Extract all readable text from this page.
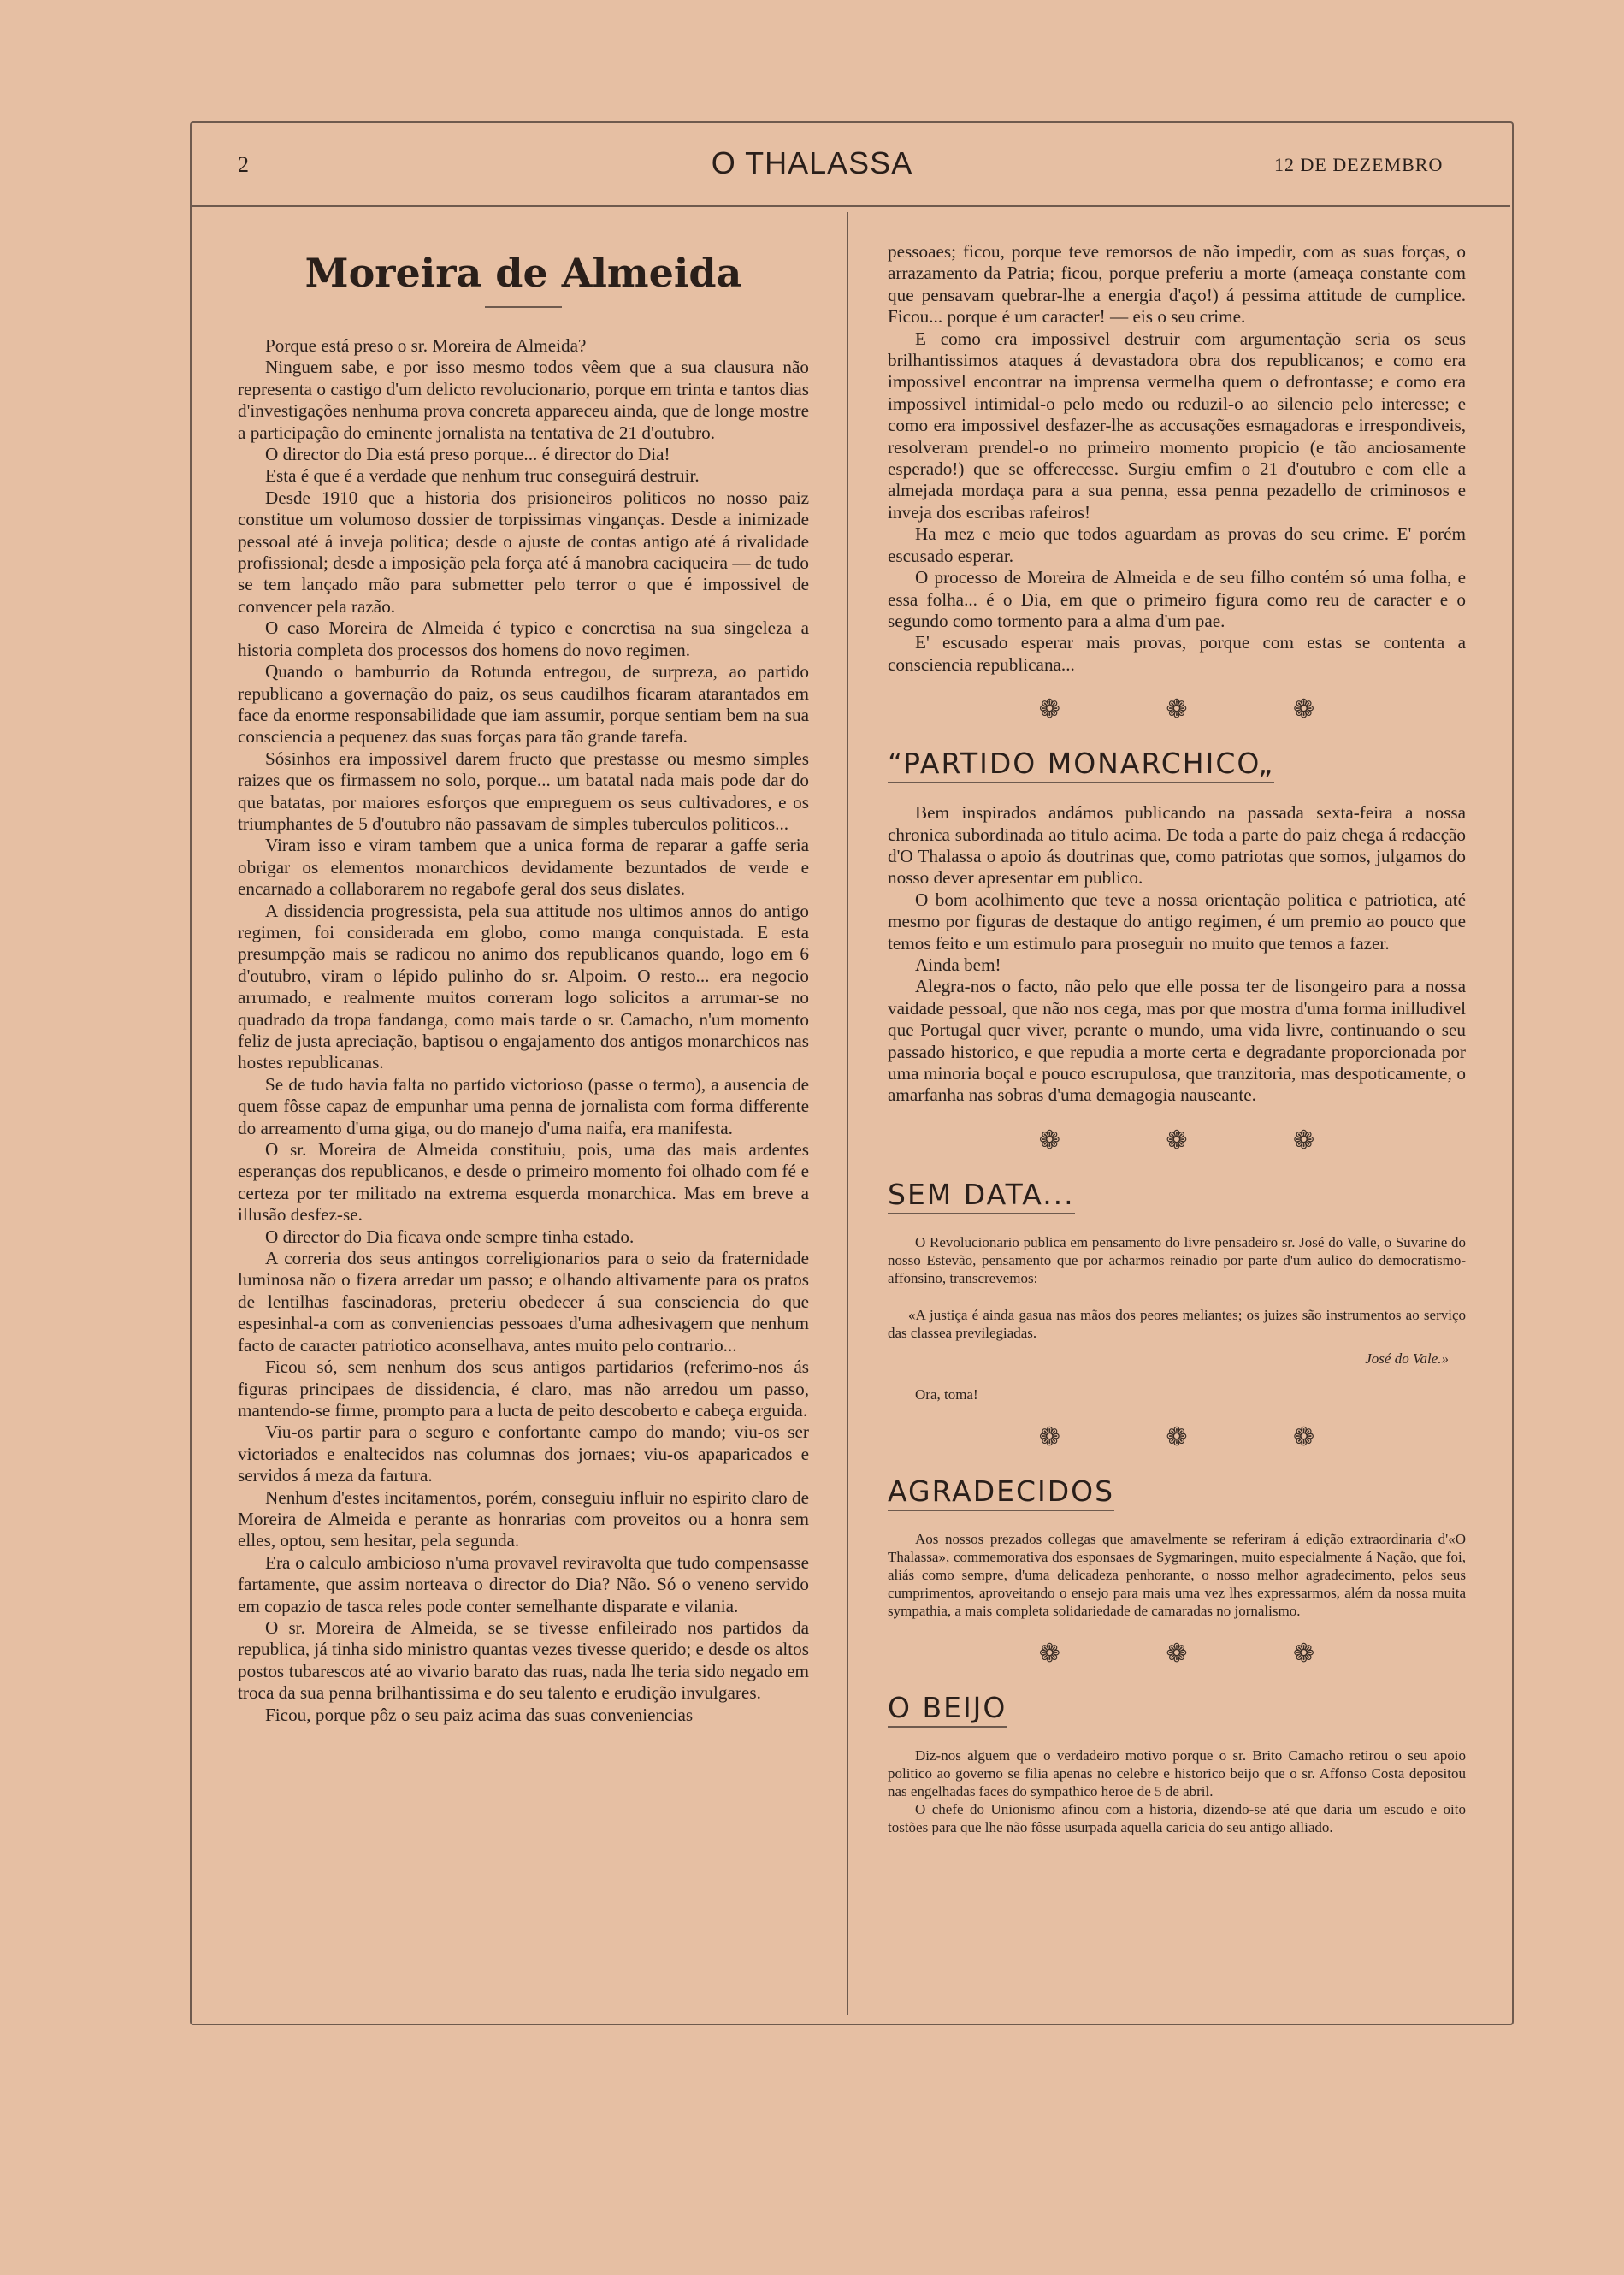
2	O THALASSA	12 DE DEZEMBRO
Moreira de Almeida

Porque está preso o sr. Moreira de Almeida?

Ninguem sabe, e por isso mesmo todos vêem que a sua clausura não representa o castigo d'um delicto revolucionario, porque em trinta e tantos dias d'investigações nenhuma prova concreta appareceu ainda, que de longe mostre a participação do eminente jornalista na tentativa de 21 d'outubro.

O director do Dia está preso porque... é director do Dia!

Esta é que é a verdade que nenhum truc conseguirá destruir.

Desde 1910 que a historia dos prisioneiros politicos no nosso paiz constitue um volumoso dossier de torpissimas vinganças. Desde a inimizade pessoal até á inveja politica; desde o ajuste de contas antigo até á rivalidade profissional; desde a imposição pela força até á manobra caciqueira — de tudo se tem lançado mão para submetter pelo terror o que é impossivel de convencer pela razão.

O caso Moreira de Almeida é typico e concretisa na sua singeleza a historia completa dos processos dos homens do novo regimen.

Quando o bamburrio da Rotunda entregou, de surpreza, ao partido republicano a governação do paiz, os seus caudilhos ficaram atarantados em face da enorme responsabilidade que iam assumir, porque sentiam bem na sua consciencia a pequenez das suas forças para tão grande tarefa.

Sósinhos era impossivel darem fructo que prestasse ou mesmo simples raizes que os firmassem no solo, porque... um batatal nada mais pode dar do que batatas, por maiores esforços que empreguem os seus cultivadores, e os triumphantes de 5 d'outubro não passavam de simples tuberculos politicos...

Viram isso e viram tambem que a unica forma de reparar a gaffe seria obrigar os elementos monarchicos devidamente bezuntados de verde e encarnado a collaborarem no regabofe geral dos seus dislates.

A dissidencia progressista, pela sua attitude nos ultimos annos do antigo regimen, foi considerada em globo, como manga conquistada. E esta presumpção mais se radicou no animo dos republicanos quando, logo em 6 d'outubro, viram o lépido pulinho do sr. Alpoim. O resto... era negocio arrumado, e realmente muitos correram logo solicitos a arrumar-se no quadrado da tropa fandanga, como mais tarde o sr. Camacho, n'um momento feliz de justa apreciação, baptisou o engajamento dos antigos monarchicos nas hostes republicanas.

Se de tudo havia falta no partido victorioso (passe o termo), a ausencia de quem fôsse capaz de empunhar uma penna de jornalista com forma differente do arreamento d'uma giga, ou do manejo d'uma naifa, era manifesta.

O sr. Moreira de Almeida constituiu, pois, uma das mais ardentes esperanças dos republicanos, e desde o primeiro momento foi olhado com fé e certeza por ter militado na extrema esquerda monarchica. Mas em breve a illusão desfez-se.

O director do Dia ficava onde sempre tinha estado.

A correria dos seus antingos correligionarios para o seio da fraternidade luminosa não o fizera arredar um passo; e olhando altivamente para os pratos de lentilhas fascinadoras, preteriu obedecer á sua consciencia do que espesinhal-a com as conveniencias pessoaes d'uma adhesivagem que nenhum facto de caracter patriotico aconselhava, antes muito pelo contrario...

Ficou só, sem nenhum dos seus antigos partidarios (referimo-nos ás figuras principaes de dissidencia, é claro, mas não arredou um passo, mantendo-se firme, prompto para a lucta de peito descoberto e cabeça erguida.

Viu-os partir para o seguro e confortante campo do mando; viu-os ser victoriados e enaltecidos nas columnas dos jornaes; viu-os apaparicados e servidos á meza da fartura.

Nenhum d'estes incitamentos, porém, conseguiu influir no espirito claro de Moreira de Almeida e perante as honrarias com proveitos ou a honra sem elles, optou, sem hesitar, pela segunda.

Era o calculo ambicioso n'uma provavel reviravolta que tudo compensasse fartamente, que assim norteava o director do Dia? Não. Só o veneno servido em copazio de tasca reles pode conter semelhante disparate e vilania.

O sr. Moreira de Almeida, se se tivesse enfileirado nos partidos da republica, já tinha sido ministro quantas vezes tivesse querido; e desde os altos postos tubarescos até ao vivario barato das ruas, nada lhe teria sido negado em troca da sua penna brilhantissima e do seu talento e erudição invulgares.

Ficou, porque pôz o seu paiz acima das suas conveniencias

pessoaes; ficou, porque teve remorsos de não impedir, com as suas forças, o arrazamento da Patria; ficou, porque preferiu a morte (ameaça constante com que pensavam quebrar-lhe a energia d'aço!) á pessima attitude de cumplice. Ficou... porque é um caracter! — eis o seu crime.

E como era impossivel destruir com argumentação seria os seus brilhantissimos ataques á devastadora obra dos republicanos; e como era impossivel encontrar na imprensa vermelha quem o defrontasse; e como era impossivel intimidal-o pelo medo ou reduzil-o ao silencio pelo interesse; e como era impossivel desfazer-lhe as accusações esmagadoras e irrespondiveis, resolveram prendel-o no primeiro momento propicio (e tão anciosamente esperado!) que se offerecesse. Surgiu emfim o 21 d'outubro e com elle a almejada mordaça para a sua penna, essa penna pezadello de criminosos e inveja dos escribas rafeiros!

Ha mez e meio que todos aguardam as provas do seu crime. E' porém escusado esperar.

O processo de Moreira de Almeida e de seu filho contém só uma folha, e essa folha... é o Dia, em que o primeiro figura como reu de caracter e o segundo como tormento para a alma d'um pae.

E' escusado esperar mais provas, porque com estas se contenta a consciencia republicana...

❁ ❁ ❁
“PARTIDO MONARCHICO„

Bem inspirados andámos publicando na passada sexta-feira a nossa chronica subordinada ao titulo acima. De toda a parte do paiz chega á redacção d'O Thalassa o apoio ás doutrinas que, como patriotas que somos, julgamos do nosso dever apresentar em publico.

O bom acolhimento que teve a nossa orientação politica e patriotica, até mesmo por figuras de destaque do antigo regimen, é um premio ao pouco que temos feito e um estimulo para proseguir no muito que temos a fazer.

Ainda bem!

Alegra-nos o facto, não pelo que elle possa ter de lisongeiro para a nossa vaidade pessoal, que não nos cega, mas por que mostra d'uma forma inilludivel que Portugal quer viver, perante o mundo, uma vida livre, continuando o seu passado historico, e que repudia a morte certa e degradante proporcionada por uma minoria boçal e pouco escrupulosa, que tranzitoria, mas despoticamente, o amarfanha nas sobras d'uma demagogia nauseante.

❁ ❁ ❁
SEM DATA...

O Revolucionario publica em pensamento do livre pensadeiro sr. José do Valle, o Suvarine do nosso Estevão, pensamento que por acharmos reinadio por parte d'um aulico do democratismo-affonsino, transcrevemos:

«A justiça é ainda gasua nas mãos dos peores meliantes; os juizes são instrumentos ao serviço das classea previlegiadas.

José do Vale.»

Ora, toma!

❁ ❁ ❁
AGRADECIDOS

Aos nossos prezados collegas que amavelmente se referiram á edição extraordinaria d'«O Thalassa», commemorativa dos esponsaes de Sygmaringen, muito especialmente á Nação, que foi, aliás como sempre, d'uma delicadeza penhorante, o nosso melhor agradecimento, pelos seus cumprimentos, aproveitando o ensejo para mais uma vez lhes expressarmos, além da nossa muita sympathia, a mais completa solidariedade de camaradas no jornalismo.

❁ ❁ ❁
O BEIJO

Diz-nos alguem que o verdadeiro motivo porque o sr. Brito Camacho retirou o seu apoio politico ao governo se filia apenas no celebre e historico beijo que o sr. Affonso Costa depositou nas engelhadas faces do sympathico heroe de 5 de abril.

O chefe do Unionismo afinou com a historia, dizendo-se até que daria um escudo e oito tostões para que lhe não fôsse usurpada aquella caricia do seu antigo alliado.
